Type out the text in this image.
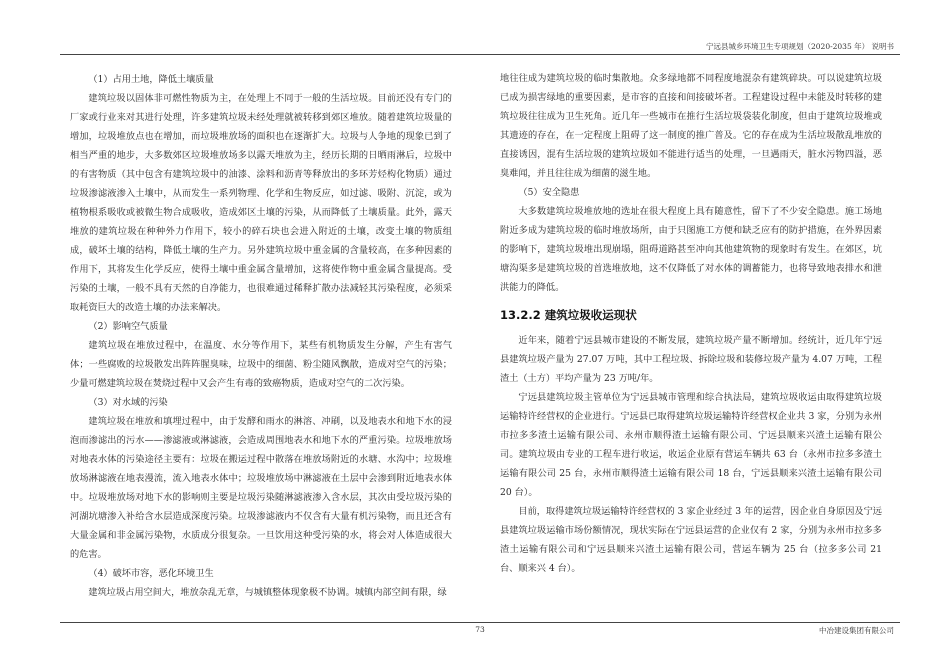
宁远县城乡环境卫生专项规划（2020-2035 年） 说明书

（1）占用土地，降低土壤质量

建筑垃圾以固体非可燃性物质为主，在处理上不同于一般的生活垃圾。目前还没有专门的厂家或行业来对其进行处理，许多建筑垃圾未经处理就被转移到郊区堆放。随着建筑垃圾量的增加，垃圾堆放点也在增加，而垃圾堆放场的面积也在逐渐扩大。垃圾与人争地的现象已到了相当严重的地步，大多数郊区垃圾堆放场多以露天堆放为主，经历长期的日晒雨淋后，垃圾中的有害物质（其中包含有建筑垃圾中的油漆、涂料和沥青等释放出的多环芳烃构化物质）通过垃圾渗滤液渗入土壤中，从而发生一系列物理、化学和生物反应，如过滤、吸附、沉淀，或为植物根系吸收或被微生物合成吸收，造成郊区土壤的污染，从而降低了土壤质量。此外，露天堆放的建筑垃圾在种种外力作用下，较小的碎石块也会进入附近的土壤，改变土壤的物质组成，破坏土壤的结构，降低土壤的生产力。另外建筑垃圾中重金属的含量较高，在多种因素的作用下，其将发生化学反应，使得土壤中重金属含量增加，这将使作物中重金属含量提高。受污染的土壤，一般不具有天然的自净能力，也很难通过稀释扩散办法减轻其污染程度，必须采取耗资巨大的改造土壤的办法来解决。

（2）影响空气质量

建筑垃圾在堆放过程中，在温度、水分等作用下，某些有机物质发生分解，产生有害气体；一些腐败的垃圾散发出阵阵腥臭味，垃圾中的细菌、粉尘随风飘散，造成对空气的污染；少量可燃建筑垃圾在焚烧过程中又会产生有毒的致癌物质，造成对空气的二次污染。

（3）对水域的污染

建筑垃圾在堆放和填埋过程中，由于发酵和雨水的淋溶、冲刷，以及地表水和地下水的浸泡而渗滤出的污水——渗滤液或淋滤液，会造成周围地表水和地下水的严重污染。垃圾堆放场对地表水体的污染途径主要有：垃圾在搬运过程中散落在堆放场附近的水塘、水沟中；垃圾堆放场淋滤液在地表漫流，流入地表水体中；垃圾堆放场中淋滤液在土层中会渗到附近地表水体中。垃圾堆放场对地下水的影响则主要是垃圾污染随淋滤液渗入含水层，其次由受垃圾污染的河湖坑塘渗入补给含水层造成深度污染。垃圾渗滤液内不仅含有大量有机污染物，而且还含有大量金属和非金属污染物，水质成分很复杂。一旦饮用这种受污染的水，将会对人体造成很大的危害。

（4）破坏市容，恶化环境卫生

建筑垃圾占用空间大，堆放杂乱无章，与城镇整体现象极不协调。城镇内部空间有限，绿

地往往成为建筑垃圾的临时集散地。众多绿地都不同程度地混杂有建筑碎块。可以说建筑垃圾已成为损害绿地的重要因素，是市容的直接和间接破坏者。工程建设过程中未能及时转移的建筑垃圾往往成为卫生死角。近几年一些城市在推行生活垃圾袋装化制度，但由于建筑垃圾堆或其遗迹的存在，在一定程度上阻碍了这一制度的推广普及。它的存在成为生活垃圾散乱堆放的直接诱因，混有生活垃圾的建筑垃圾如不能进行适当的处理，一旦遇雨天，脏水污物四溢，恶臭难闻，并且往往成为细菌的滋生地。

（5）安全隐患

大多数建筑垃圾堆放地的选址在很大程度上具有随意性，留下了不少安全隐患。施工场地附近多成为建筑垃圾的临时堆放场所，由于只图施工方便和缺乏应有的防护措施，在外界因素的影响下，建筑垃圾堆出现崩塌，阻碍道路甚至冲向其他建筑物的现象时有发生。在郊区，坑塘沟渠多是建筑垃圾的首选堆放地，这不仅降低了对水体的调蓄能力，也将导致地表排水和泄洪能力的降低。

13.2.2 建筑垃圾收运现状

近年来，随着宁远县城市建设的不断发展，建筑垃圾产量不断增加。经统计，近几年宁远县建筑垃圾产量为 27.07 万吨，其中工程垃圾、拆除垃圾和装修垃圾产量为 4.07 万吨，工程渣土（土方）平均产量为 23 万吨/年。

宁远县建筑垃圾主管单位为宁远县城市管理和综合执法局，建筑垃圾收运由取得建筑垃圾运输特许经营权的企业进行。宁远县已取得建筑垃圾运输特许经营权企业共 3 家，分别为永州市拉多多渣土运输有限公司、永州市顺得渣土运输有限公司、宁远县顺来兴渣土运输有限公司。建筑垃圾由专业的工程车进行收运，收运企业原有营运车辆共 63 台（永州市拉多多渣土运输有限公司 25 台，永州市顺得渣土运输有限公司 18 台，宁远县顺来兴渣土运输有限公司 20 台）。

目前，取得建筑垃圾运输特许经营权的 3 家企业经过 3 年的运营，因企业自身原因及宁远县建筑垃圾运输市场份额情况，现状实际在宁远县运营的企业仅有 2 家，分别为永州市拉多多渣土运输有限公司和宁远县顺来兴渣土运输有限公司，营运车辆为 25 台（拉多多公司 21 台、顺来兴 4 台）。

73	中冶建设集团有限公司
